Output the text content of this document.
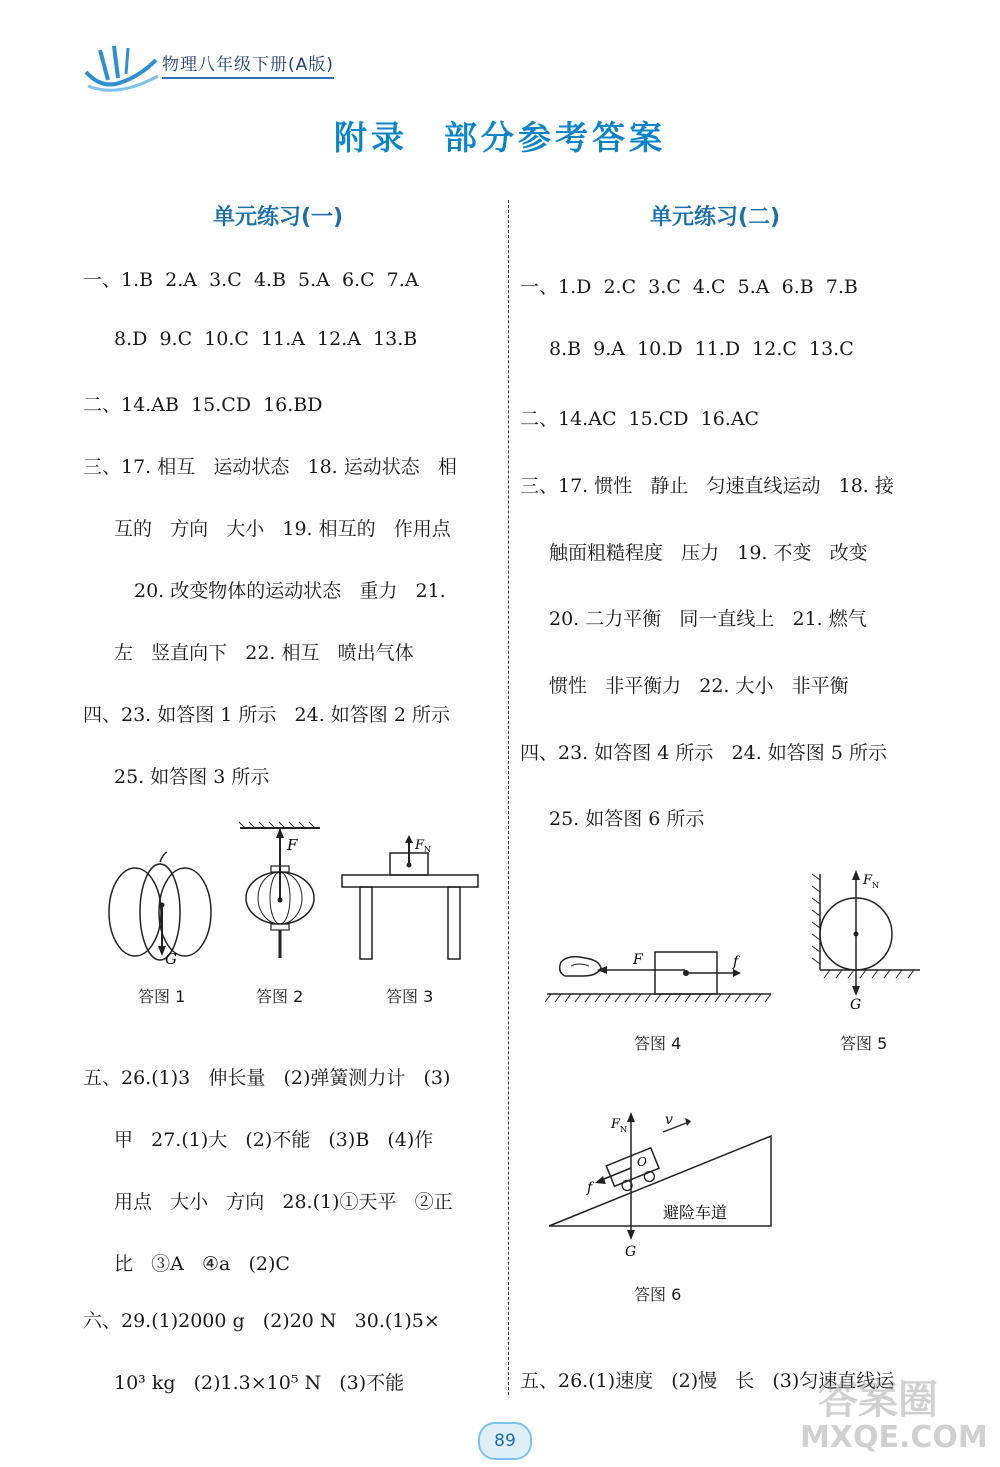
物理八年级下册(A版)
附录 部分参考答案
单元练习(一)
一、1.B  2.A  3.C  4.B  5.A  6.C  7.A
8.D  9.C  10.C  11.A  12.A  13.B
二、14.AB  15.CD  16.BD
三、17. 相互   运动状态   18. 运动状态   相
互的   方向   大小   19. 相互的   作用点
20. 改变物体的运动状态   重力   21.
左   竖直向下   22. 相互   喷出气体
四、23. 如答图 1 所示   24. 如答图 2 所示
25. 如答图 3 所示
G
F	F N
答图 1	答图 2	答图 3
五、26.(1)3   伸长量   (2)弹簧测力计   (3)
甲   27.(1)大   (2)不能   (3)B   (4)作
用点   大小   方向   28.(1)①天平   ②正
比   ③A   ④a   (2)C
六、29.(1)2000 g   (2)20 N   30.(1)5×
10³ kg   (2)1.3×10⁵ N   (3)不能
单元练习(二)
一、1.D  2.C  3.C  4.C  5.A  6.B  7.B
8.B  9.A  10.D  11.D  12.C  13.C
二、14.AC  15.CD  16.AC
三、17. 惯性   静止   匀速直线运动   18. 接
触面粗糙程度   压力   19. 不变   改变
20. 二力平衡   同一直线上   21. 燃气
惯性   非平衡力   22. 大小   非平衡
四、23. 如答图 4 所示   24. 如答图 5 所示
25. 如答图 6 所示
F	f
答图 4
F N
G
答图 5
避险车道
O
F N
G
f
v
答图 6
五、26.(1)速度   (2)慢   长   (3)匀速直线运
89
答案圈
MXQE.COM
